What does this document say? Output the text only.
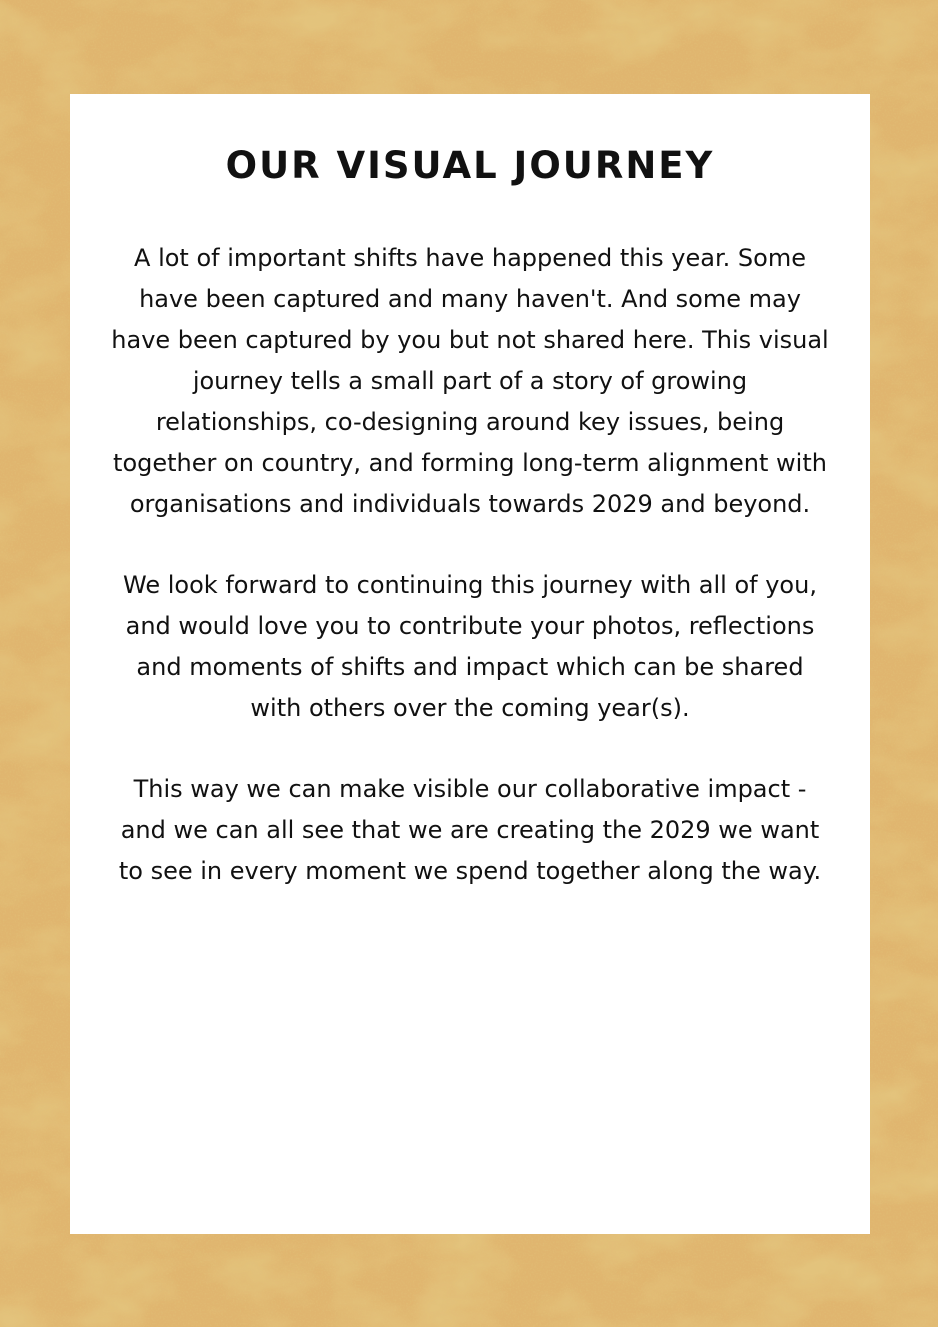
OUR VISUAL JOURNEY

A lot of important shifts have happened this year. Some have been captured and many haven't. And some may have been captured by you but not shared here. This visual journey tells a small part of a story of growing relationships, co-designing around key issues, being together on country, and forming long-term alignment with organisations and individuals towards 2029 and beyond.

We look forward to continuing this journey with all of you, and would love you to contribute your photos, reflections and moments of shifts and impact which can be shared with others over the coming year(s).

This way we can make visible our collaborative impact - and we can all see that we are creating the 2029 we want to see in every moment we spend together along the way.
